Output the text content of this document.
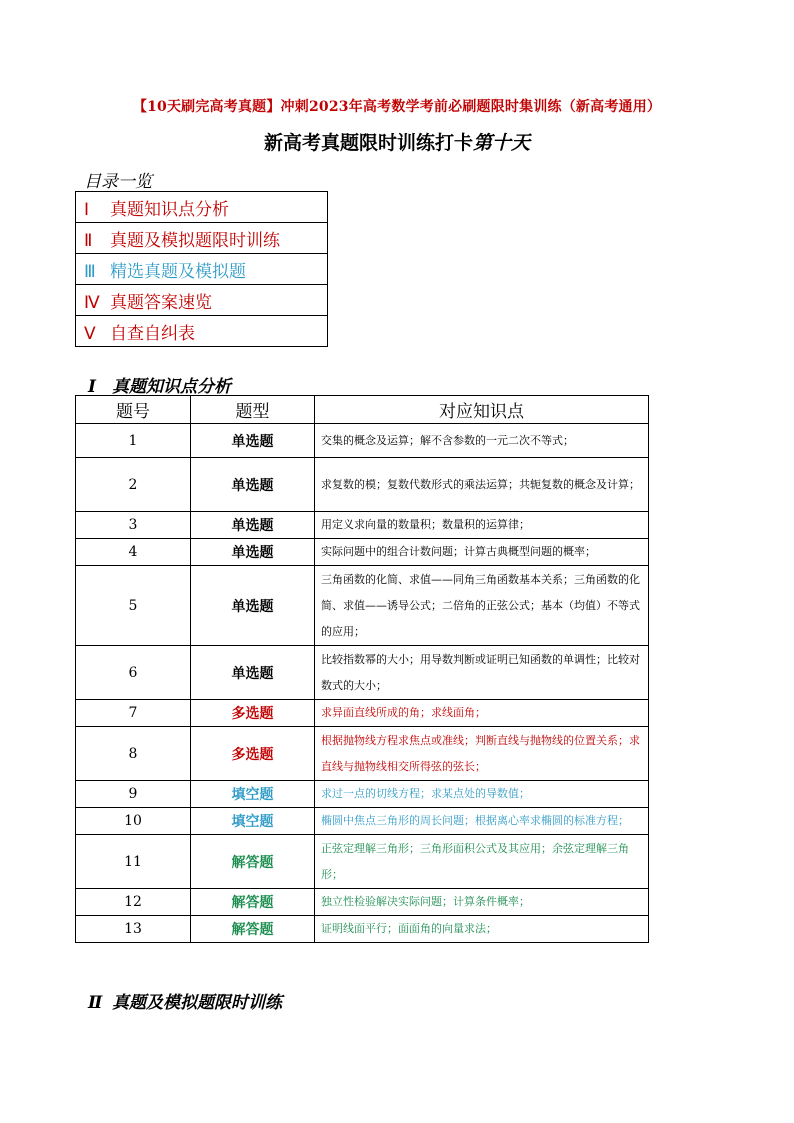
【10天刷完高考真题】冲刺2023年高考数学考前必刷题限时集训练（新高考通用）
新高考真题限时训练打卡第十天
目录一览
Ⅰ 真题知识点分析
Ⅱ 真题及模拟题限时训练
Ⅲ 精选真题及模拟题
Ⅳ 真题答案速览
Ⅴ 自查自纠表
Ⅰ 真题知识点分析
题号	题型	对应知识点
1	单选题	交集的概念及运算；解不含参数的一元二次不等式；
2	单选题	求复数的模；复数代数形式的乘法运算；共轭复数的概念及计算；
3	单选题	用定义求向量的数量积；数量积的运算律；
4	单选题	实际问题中的组合计数问题；计算古典概型问题的概率；
5	单选题	三角函数的化简、求值——同角三角函数基本关系；三角函数的化简、求值——诱导公式；二倍角的正弦公式；基本（均值）不等式的应用；
6	单选题	比较指数幂的大小；用导数判断或证明已知函数的单调性；比较对数式的大小；
7	多选题	求异面直线所成的角；求线面角；
8	多选题	根据抛物线方程求焦点或准线；判断直线与抛物线的位置关系；求直线与抛物线相交所得弦的弦长；
9	填空题	求过一点的切线方程；求某点处的导数值；
10	填空题	椭圆中焦点三角形的周长问题；根据离心率求椭圆的标准方程；
11	解答题	正弦定理解三角形；三角形面积公式及其应用；余弦定理解三角形；
12	解答题	独立性检验解决实际问题；计算条件概率；
13	解答题	证明线面平行；面面角的向量求法；
Ⅱ 真题及模拟题限时训练
